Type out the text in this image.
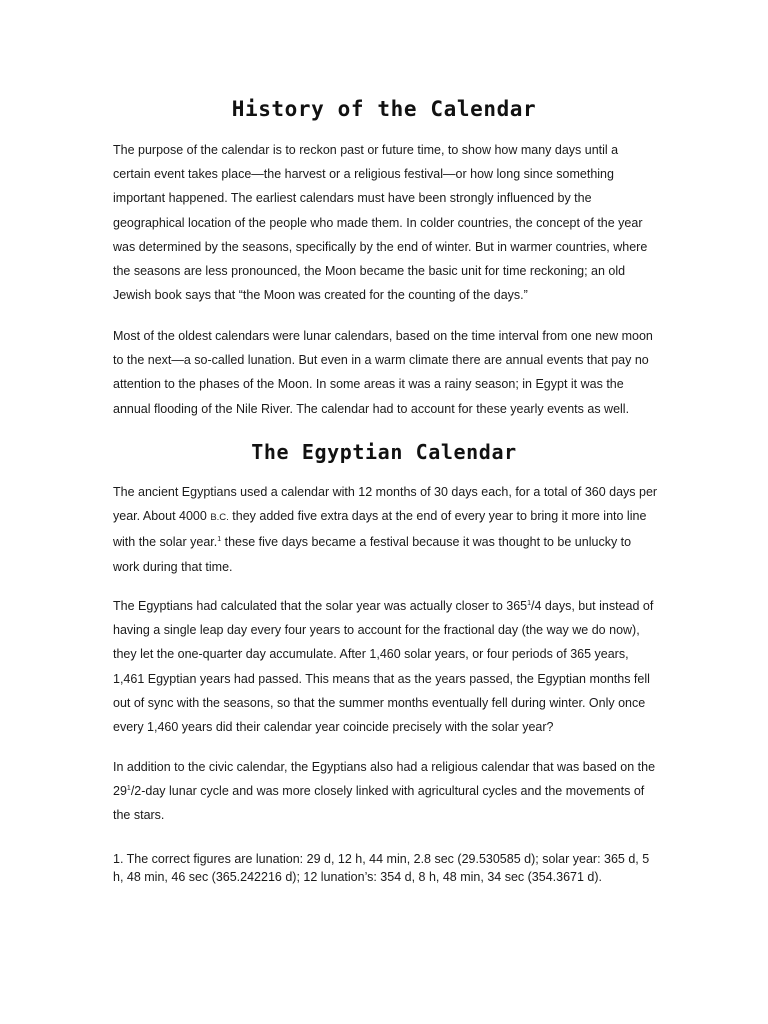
History of the Calendar

The purpose of the calendar is to reckon past or future time, to show how many days until a certain event takes place—the harvest or a religious festival—or how long since something important happened. The earliest calendars must have been strongly influenced by the geographical location of the people who made them. In colder countries, the concept of the year was determined by the seasons, specifically by the end of winter. But in warmer countries, where the seasons are less pronounced, the Moon became the basic unit for time reckoning; an old Jewish book says that “the Moon was created for the counting of the days.”

Most of the oldest calendars were lunar calendars, based on the time interval from one new moon to the next—a so-called lunation. But even in a warm climate there are annual events that pay no attention to the phases of the Moon. In some areas it was a rainy season; in Egypt it was the annual flooding of the Nile River. The calendar had to account for these yearly events as well.

The Egyptian Calendar

The ancient Egyptians used a calendar with 12 months of 30 days each, for a total of 360 days per year. About 4000 B.C. they added five extra days at the end of every year to bring it more into line with the solar year.$^1$ these five days became a festival because it was thought to be unlucky to work during that time.

The Egyptians had calculated that the solar year was actually closer to $365^1/4$ days, but instead of having a single leap day every four years to account for the fractional day (the way we do now), they let the one-quarter day accumulate. After 1,460 solar years, or four periods of 365 years, 1,461 Egyptian years had passed. This means that as the years passed, the Egyptian months fell out of sync with the seasons, so that the summer months eventually fell during winter. Only once every 1,460 years did their calendar year coincide precisely with the solar year?

In addition to the civic calendar, the Egyptians also had a religious calendar that was based on the $29^1/2$-day lunar cycle and was more closely linked with agricultural cycles and the movements of the stars.

1. The correct figures are lunation: 29 d, 12 h, 44 min, 2.8 sec (29.530585 d); solar year: 365 d, 5 h, 48 min, 46 sec (365.242216 d); 12 lunation’s: 354 d, 8 h, 48 min, 34 sec (354.3671 d).
